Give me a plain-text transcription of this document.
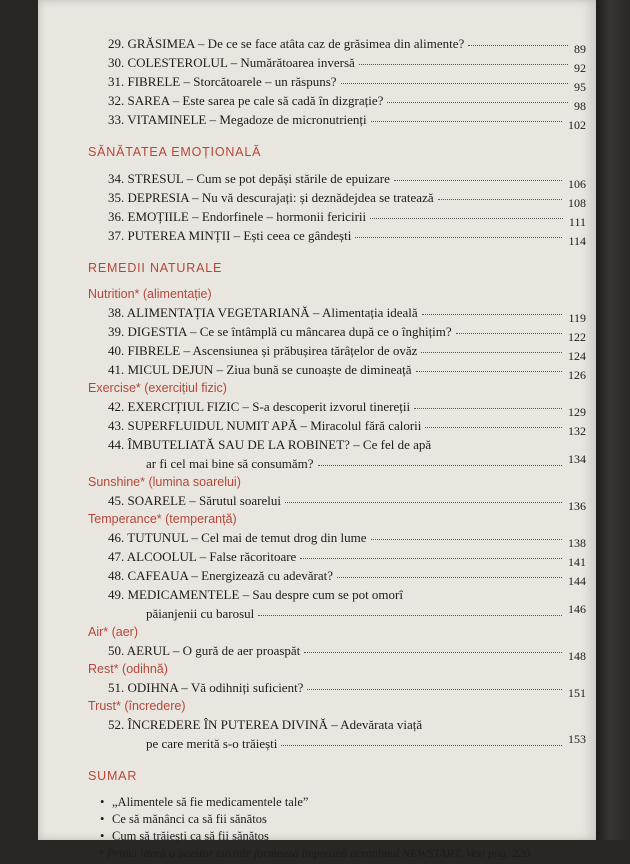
29. GRĂSIMEA – De ce se face atâta caz de grăsimea din alimente?	89
30. COLESTEROLUL – Numărătoarea inversă	92
31. FIBRELE – Storcătoarele – un răspuns?	95
32. SAREA – Este sarea pe cale să cadă în dizgrație?	98
33. VITAMINELE – Megadoze de micronutrienți	102
SĂNĂTATEA EMOȚIONALĂ
34. STRESUL – Cum se pot depăși stările de epuizare	106
35. DEPRESIA – Nu vă descurajați: și deznădejdea se tratează	108
36. EMOȚIILE – Endorfinele – hormonii fericirii	111
37. PUTEREA MINȚII – Ești ceea ce gândești	114
REMEDII NATURALE
Nutrition* (alimentație)
38. ALIMENTAȚIA VEGETARIANĂ – Alimentația ideală	119
39. DIGESTIA – Ce se întâmplă cu mâncarea după ce o înghițim?	122
40. FIBRELE – Ascensiunea și prăbușirea tărâțelor de ovăz	124
41. MICUL DEJUN – Ziua bună se cunoaște de dimineață	126
Exercise* (exercițiul fizic)
42. EXERCIȚIUL FIZIC – S-a descoperit izvorul tinereții	129
43. SUPERFLUIDUL NUMIT APĂ – Miracolul fără calorii	132
44. ÎMBUTELIATĂ SAU DE LA ROBINET? – Ce fel de apă
ar fi cel mai bine să consumăm?	134
Sunshine* (lumina soarelui)
45. SOARELE – Sărutul soarelui	136
Temperance* (temperanță)
46. TUTUNUL – Cel mai de temut drog din lume	138
47. ALCOOLUL – False răcoritoare	141
48. CAFEAUA – Energizează cu adevărat?	144
49. MEDICAMENTELE – Sau despre cum se pot omorî
păianjenii cu barosul	146
Air* (aer)
50. AERUL – O gură de aer proaspăt	148
Rest* (odihnă)
51. ODIHNA – Vă odihniți suficient?	151
Trust* (încredere)
52. ÎNCREDERE ÎN PUTEREA DIVINĂ – Adevărata viață
pe care merită s-o trăiești	153
SUMAR
• „Alimentele să fie medicamentele tale”
• Ce să mănânci ca să fii sănătos
• Cum să trăiești ca să fii sănătos
* Prima literă a acestor cuvinte formează împreună acronimul NEWSTART. Vezi pag. 220.
